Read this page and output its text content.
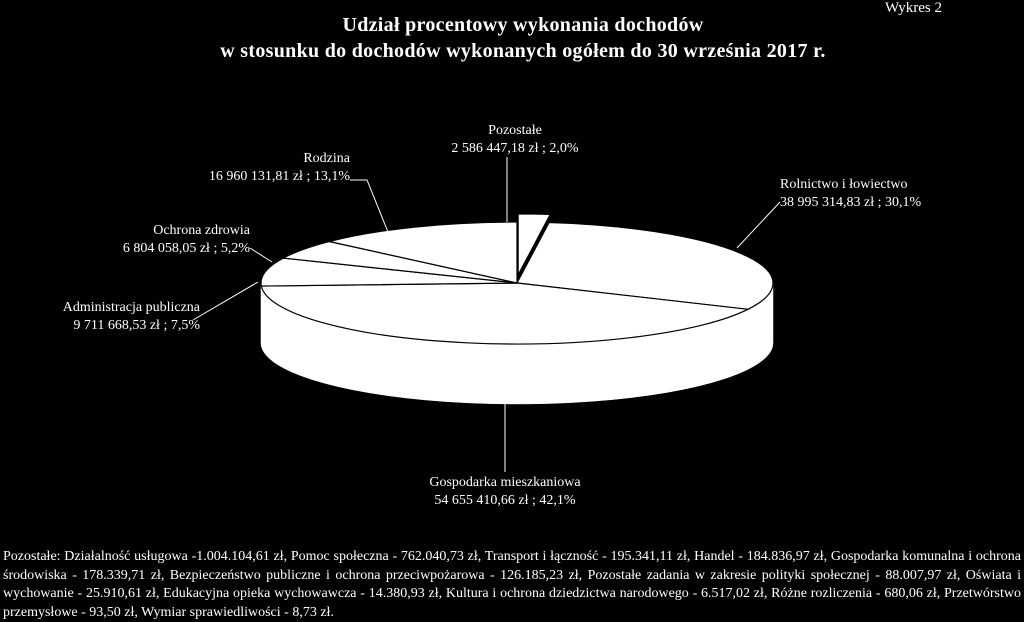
Wykres 2
Udział procentowy wykonania dochodów
w stosunku do dochodów wykonanych ogółem do 30 września 2017 r.
Pozostałe
2 586 447,18 zł ; 2,0%
Rolnictwo i łowiectwo
38 995 314,83 zł ; 30,1%
Gospodarka mieszkaniowa
54 655 410,66 zł ; 42,1%
Administracja publiczna
9 711 668,53 zł ; 7,5%
Ochrona zdrowia
6 804 058,05 zł ; 5,2%
Rodzina
16 960 131,81 zł ; 13,1%
Pozostałe: Działalność usługowa -1.004.104,61 zł, Pomoc społeczna - 762.040,73 zł, Transport i łączność - 195.341,11 zł, Handel - 184.836,97 zł, Gospodarka komunalna i ochrona środowiska - 178.339,71 zł, Bezpieczeństwo publiczne i ochrona przeciwpożarowa - 126.185,23 zł, Pozostałe zadania w zakresie polityki społecznej - 88.007,97 zł, Oświata i wychowanie - 25.910,61 zł, Edukacyjna opieka wychowawcza - 14.380,93 zł, Kultura i ochrona dziedzictwa narodowego - 6.517,02 zł, Różne rozliczenia - 680,06 zł, Przetwórstwo przemysłowe - 93,50 zł, Wymiar sprawiedliwości - 8,73 zł.
